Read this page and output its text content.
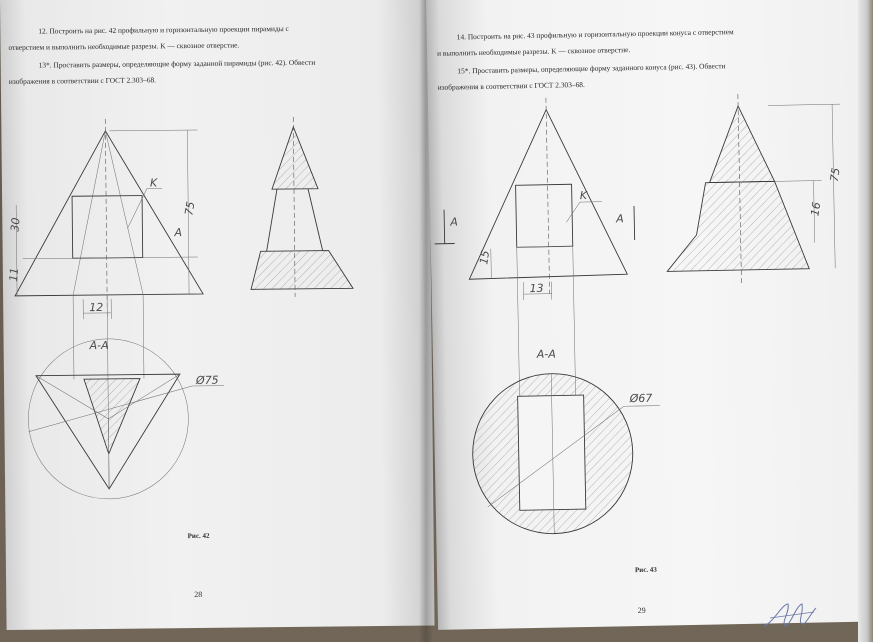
12. Построить на рис. 42 профильную и горизонтальную проекции пирамиды с

отверстием и выполнить необходимые разрезы. K — сквозное отверстие.

13*. Проставить размеры, определяющие форму заданной пирамиды (рис. 42). Обвести

изображения в соответствии с ГОСТ 2.303–68.

K
75
30
11
A
12
A-A
Ø75
Рис. 42
28

14. Построить на рис. 43 профильную и горизонтальную проекции конуса с отверстием

и выполнить необходимые разрезы. K — сквозное отверстие.

15*. Проставить размеры, определяющие форму заданного конуса (рис. 43). Обвести

изображения в соответствии с ГОСТ 2.303–68.

K
A	A
15
13
75
16
A-A
Ø67
Рис. 43
29
